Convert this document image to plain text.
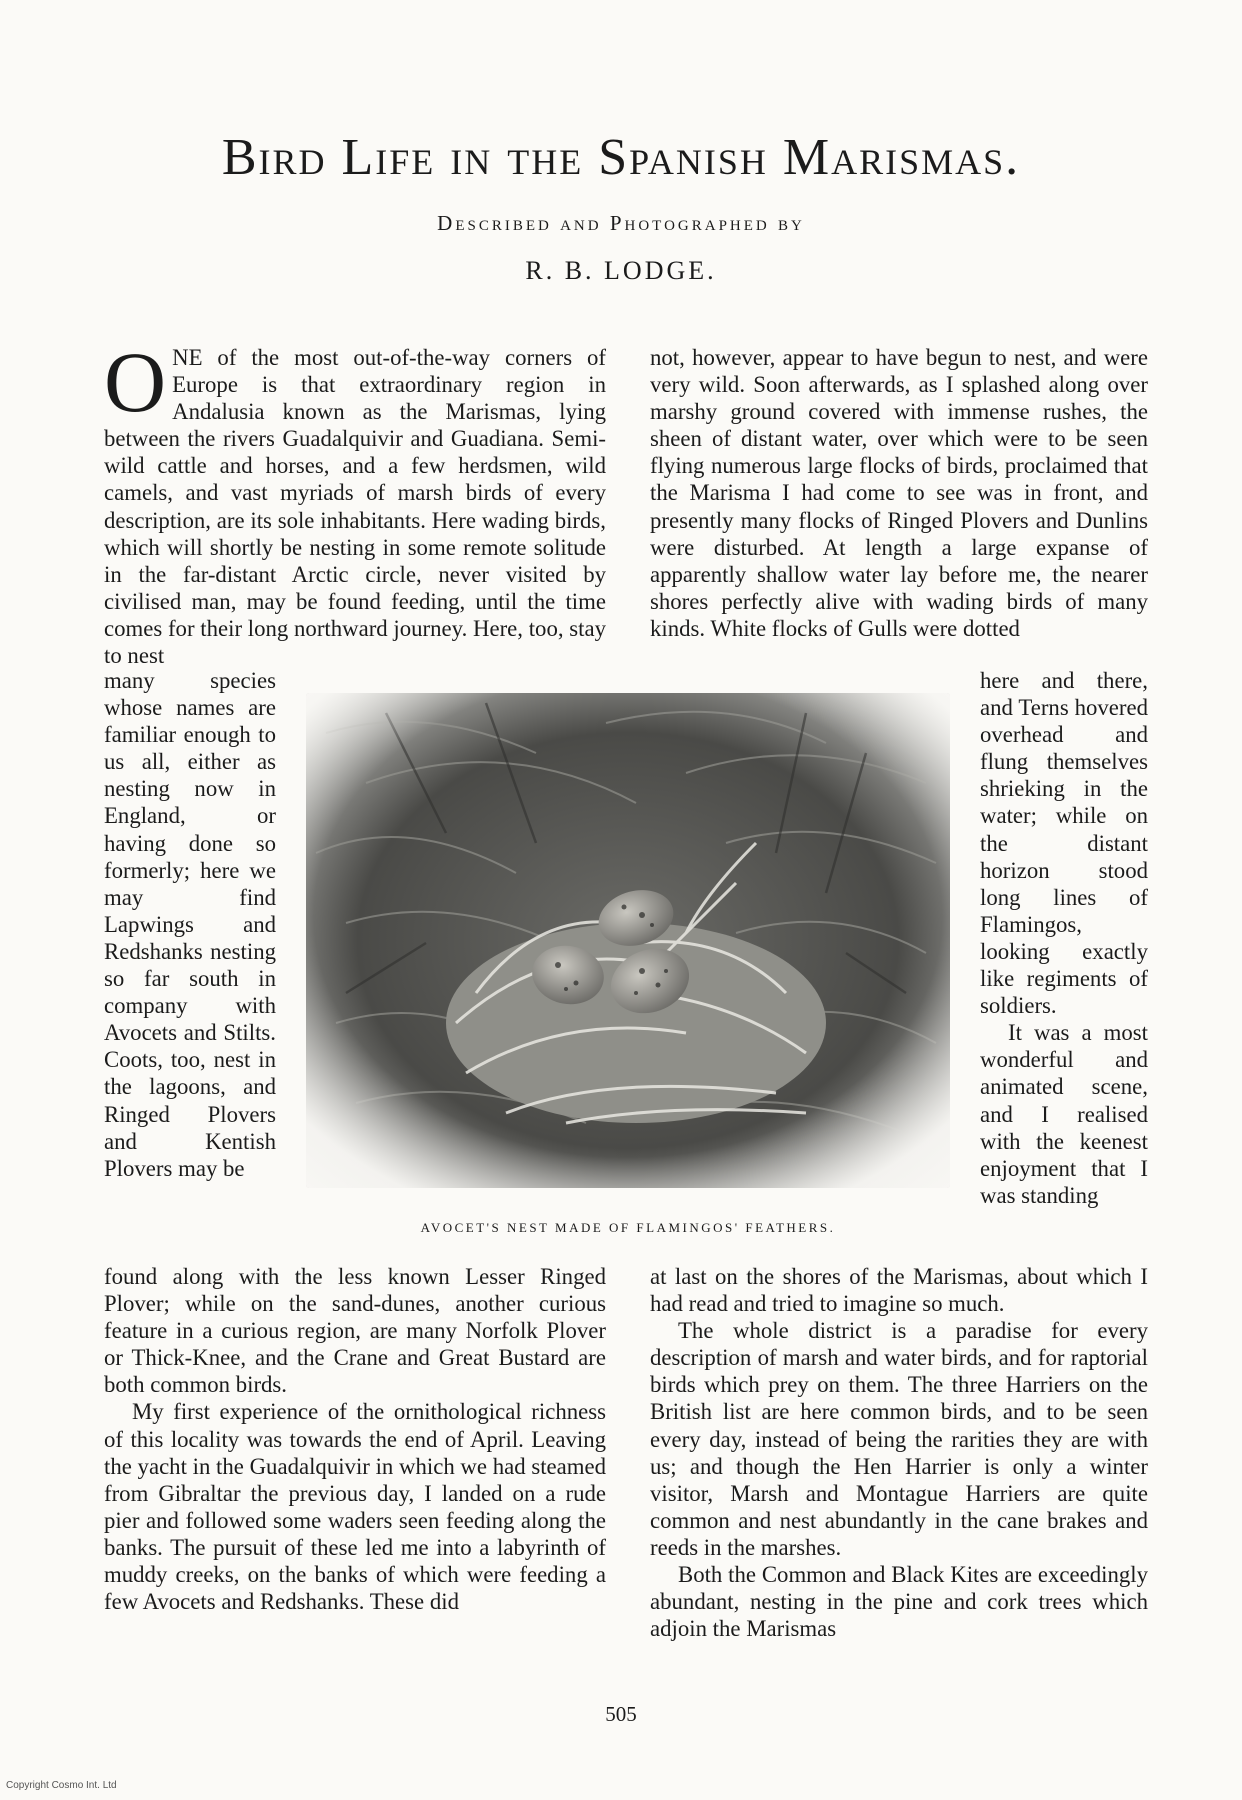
Bird Life in the Spanish Marismas.
Described and Photographed by
R. B. LODGE.

ONE of the most out-of-the-way corners of Europe is that extraordinary region in Andalusia known as the Marismas, lying between the rivers Guadalquivir and Guadiana. Semi-wild cattle and horses, and a few herdsmen, wild camels, and vast myriads of marsh birds of every description, are its sole inhabitants. Here wading birds, which will shortly be nesting in some remote solitude in the far-distant Arctic circle, never visited by civilised man, may be found feeding, until the time comes for their long northward journey. Here, too, stay to nest

many species whose names are familiar enough to us all, either as nesting now in England, or having done so formerly; here we may find Lapwings and Redshanks nesting so far south in company with Avocets and Stilts. Coots, too, nest in the lagoons, and Ringed Plovers and Kentish Plovers may be

found along with the less known Lesser Ringed Plover; while on the sand-dunes, another curious feature in a curious region, are many Norfolk Plover or Thick-Knee, and the Crane and Great Bustard are both common birds.

My first experience of the ornithological richness of this locality was towards the end of April. Leaving the yacht in the Guadalquivir in which we had steamed from Gibraltar the previous day, I landed on a rude pier and followed some waders seen feeding along the banks. The pursuit of these led me into a labyrinth of muddy creeks, on the banks of which were feeding a few Avocets and Redshanks. These did

not, however, appear to have begun to nest, and were very wild. Soon afterwards, as I splashed along over marshy ground covered with immense rushes, the sheen of distant water, over which were to be seen flying numerous large flocks of birds, proclaimed that the Marisma I had come to see was in front, and presently many flocks of Ringed Plovers and Dunlins were disturbed. At length a large expanse of apparently shallow water lay before me, the nearer shores perfectly alive with wading birds of many kinds. White flocks of Gulls were dotted

here and there, and Terns hovered overhead and flung themselves shrieking in the water; while on the distant horizon stood long lines of Flamingos, looking exactly like regiments of soldiers.

It was a most wonderful and animated scene, and I realised with the keenest enjoyment that I was standing

at last on the shores of the Marismas, about which I had read and tried to imagine so much.

The whole district is a paradise for every description of marsh and water birds, and for raptorial birds which prey on them. The three Harriers on the British list are here common birds, and to be seen every day, instead of being the rarities they are with us; and though the Hen Harrier is only a winter visitor, Marsh and Montague Harriers are quite common and nest abundantly in the cane brakes and reeds in the marshes.

Both the Common and Black Kites are exceedingly abundant, nesting in the pine and cork trees which adjoin the Marismas

AVOCET'S NEST MADE OF FLAMINGOS' FEATHERS.
505
Copyright Cosmo Int. Ltd
